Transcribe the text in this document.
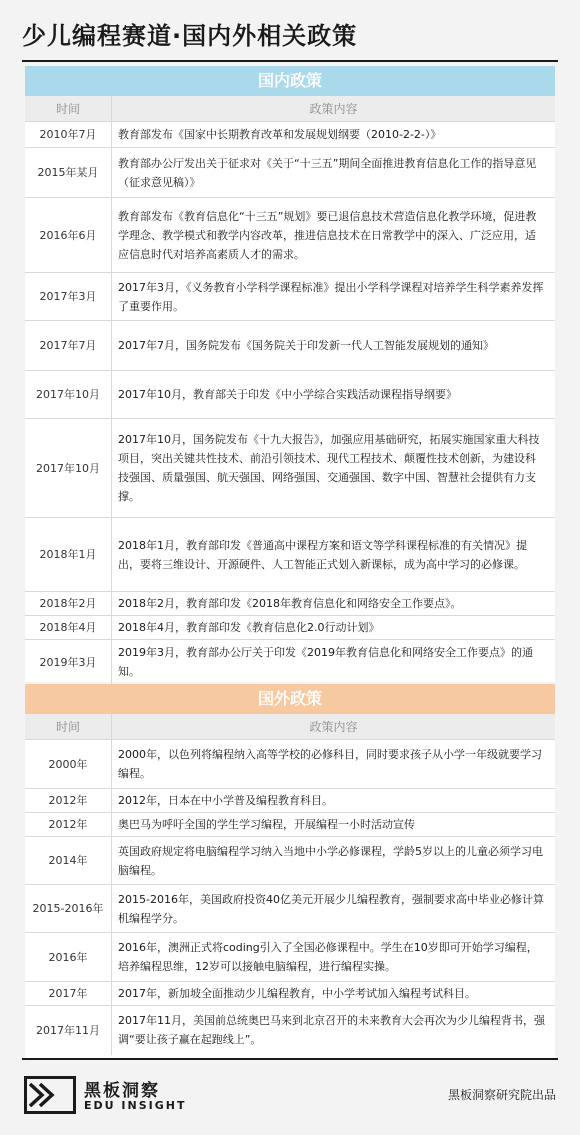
少儿编程赛道·国内外相关政策
国内政策
时间	政策内容
2010年7月	教育部发布《国家中长期教育改革和发展规划纲要（2010-2-2-）》
2015年某月	教育部办公厅发出关于征求对《关于“十三五”期间全面推进教育信息化工作的指导意见（征求意见稿）》
2016年6月	教育部发布《教育信息化“十三五”规划》要已退信息技术营造信息化教学环境，促进教学理念、教学模式和教学内容改革，推进信息技术在日常教学中的深入、广泛应用，适应信息时代对培养高素质人才的需求。
2017年3月	2017年3月，《义务教育小学科学课程标准》提出小学科学课程对培养学生科学素养发挥了重要作用。
2017年7月	2017年7月，国务院发布《国务院关于印发新一代人工智能发展规划的通知》
2017年10月	2017年10月，教育部关于印发《中小学综合实践活动课程指导纲要》
2017年10月	2017年10月，国务院发布《十九大报告》，加强应用基础研究，拓展实施国家重大科技项目，突出关键共性技术、前沿引领技术、现代工程技术、颠覆性技术创新，为建设科技强国、质量强国、航天强国、网络强国、交通强国、数字中国、智慧社会提供有力支撑。
2018年1月	2018年1月，教育部印发《普通高中课程方案和语文等学科课程标准的有关情况》提出，要将三维设计、开源硬件、人工智能正式划入新课标，成为高中学习的必修课。
2018年2月	2018年2月，教育部印发《2018年教育信息化和网络安全工作要点》。
2018年4月	2018年4月，教育部印发《教育信息化2.0行动计划》
2019年3月	2019年3月，教育部办公厅关于印发《2019年教育信息化和网络安全工作要点》的通知。
国外政策
时间	政策内容
2000年	2000年，以色列将编程纳入高等学校的必修科目，同时要求孩子从小学一年级就要学习编程。
2012年	2012年，日本在中小学普及编程教育科目。
2012年	奥巴马为呼吁全国的学生学习编程，开展编程一小时活动宣传
2014年	英国政府规定将电脑编程学习纳入当地中小学必修课程，学龄5岁以上的儿童必须学习电脑编程。
2015-2016年	2015-2016年，美国政府投资40亿美元开展少儿编程教育，强制要求高中毕业必修计算机编程学分。
2016年	2016年，澳洲正式将coding引入了全国必修课程中。学生在10岁即可开始学习编程，培养编程思维，12岁可以接触电脑编程，进行编程实操。
2017年	2017年，新加坡全面推动少儿编程教育，中小学考试加入编程考试科目。
2017年11月	2017年11月，美国前总统奥巴马来到北京召开的未来教育大会再次为少儿编程背书，强调“要让孩子赢在起跑线上”。
黑板洞察
EDU INSIGHT
黑板洞察研究院出品
